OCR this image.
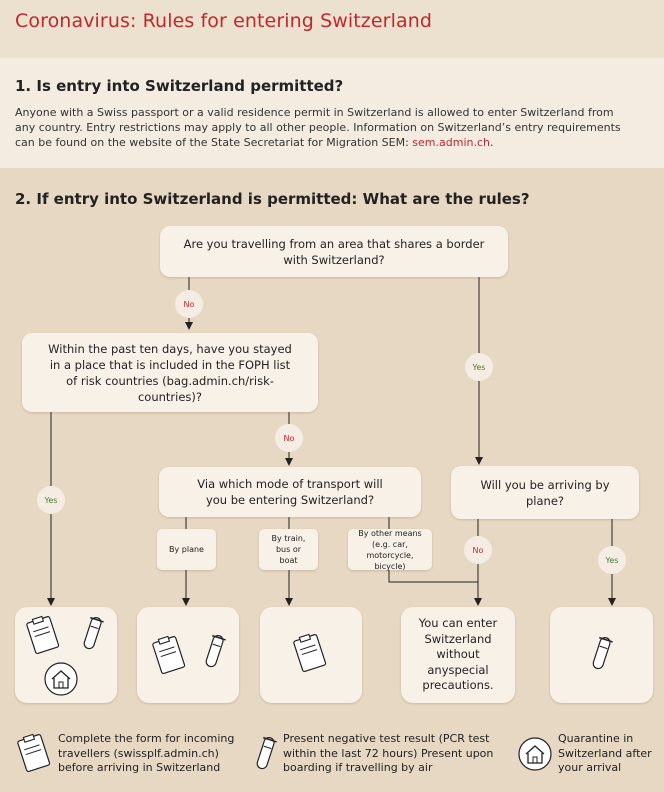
Coronavirus: Rules for entering Switzerland
1. Is entry into Switzerland permitted?

Anyone with a Swiss passport or a valid residence permit in Switzerland is allowed to enter Switzerland from any country. Entry restrictions may apply to all other people. Information on Switzerland’s entry requirements can be found on the website of the State Secretariat for Migration SEM: sem.admin.ch.

2. If entry into Switzerland is permitted: What are the rules?
Are you travelling from an area that shares a border with Switzerland?
Within the past ten days, have you stayed in a place that is included in the FOPH list of risk countries (bag.admin.ch/risk-countries)?
Via which mode of transport will you be entering Switzerland?
Will you be arriving by plane?
By plane
By train, bus or boat
By other means (e.g. car, motorcycle, bicycle)
No
Yes
No
Yes
No
Yes
You can enter Switzerland without anyspecial precautions.
Complete the form for incoming travellers (swissplf.admin.ch) before arriving in Switzerland
Present negative test result (PCR test within the last 72 hours) Present upon boarding if travelling by air
Quarantine in Switzerland after your arrival
